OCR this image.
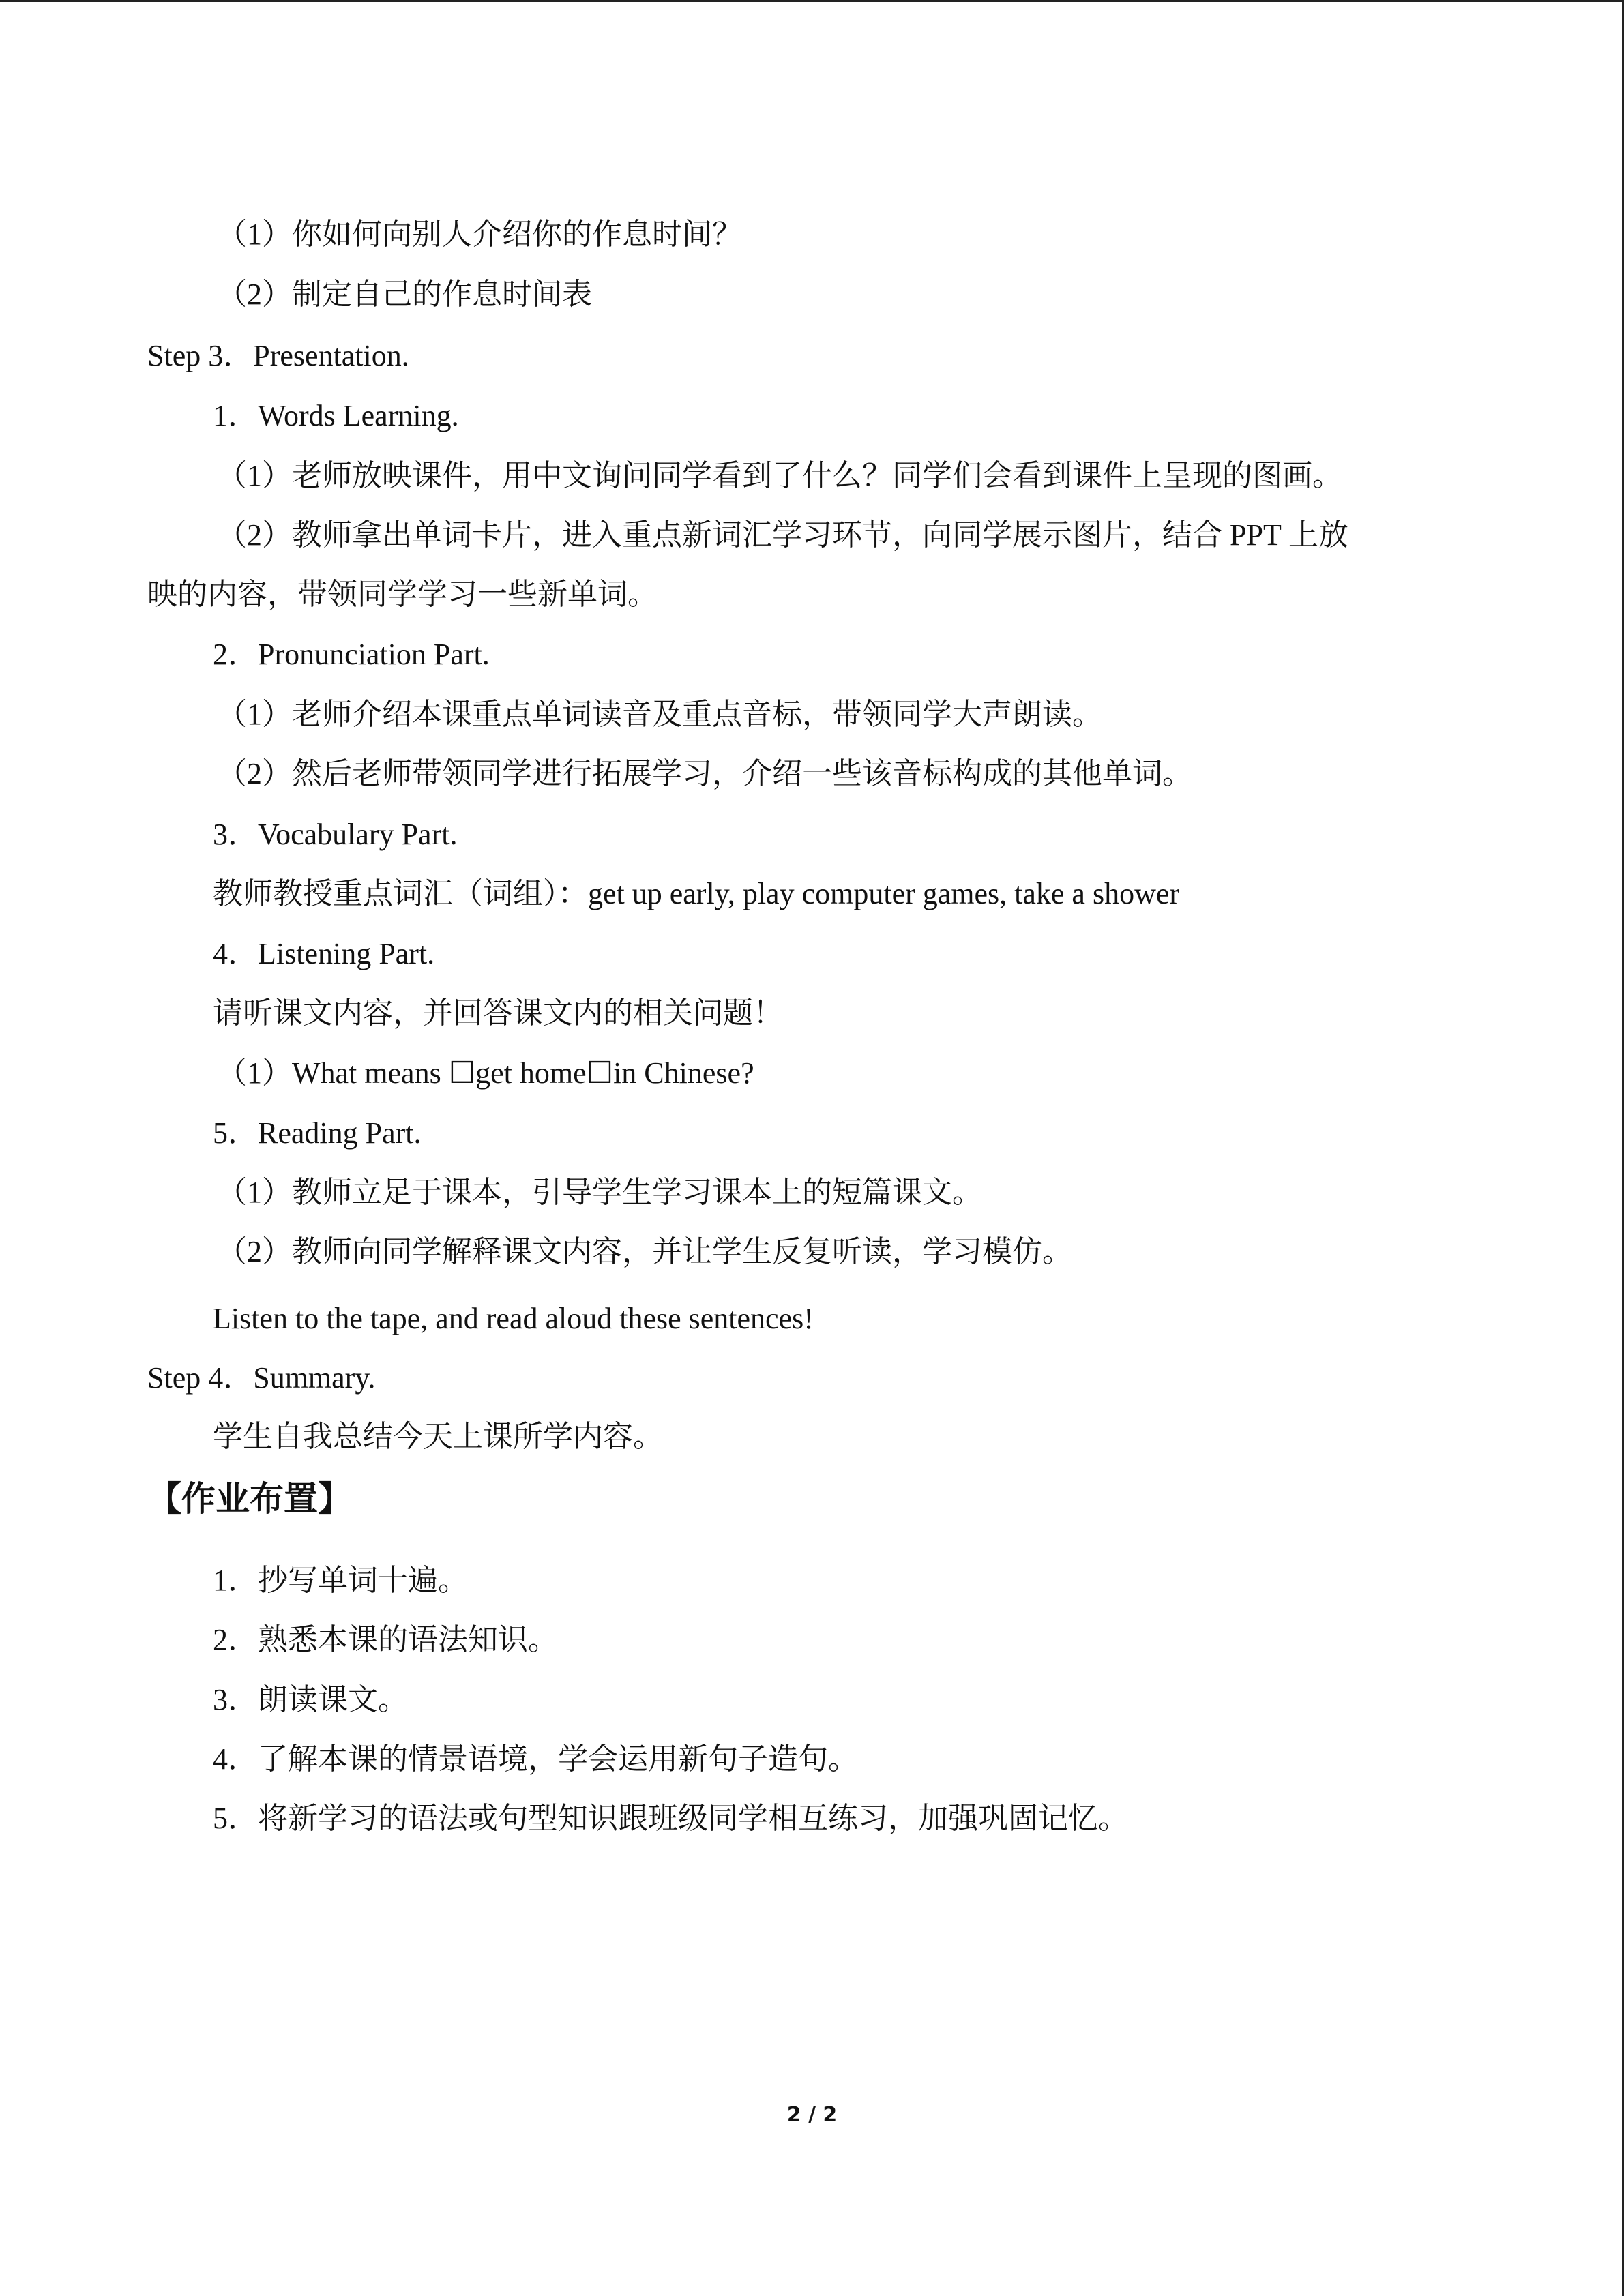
（1）你如何向别人介绍你的作息时间？
（2）制定自己的作息时间表
Step 3．Presentation.
1．Words Learning.
（1）老师放映课件，用中文询问同学看到了什么？同学们会看到课件上呈现的图画。
（2）教师拿出单词卡片，进入重点新词汇学习环节，向同学展示图片，结合 PPT 上放
映的内容，带领同学学习一些新单词。
2．Pronunciation Part.
（1）老师介绍本课重点单词读音及重点音标，带领同学大声朗读。
（2）然后老师带领同学进行拓展学习，介绍一些该音标构成的其他单词。
3．Vocabulary Part.
教师教授重点词汇（词组）：get up early, play computer games, take a shower
4．Listening Part.
请听课文内容，并回答课文内的相关问题！
（1）What means ☐get home☐in Chinese?
5．Reading Part.
（1）教师立足于课本，引导学生学习课本上的短篇课文。
（2）教师向同学解释课文内容，并让学生反复听读，学习模仿。
Listen to the tape, and read aloud these sentences!
Step 4．Summary.
学生自我总结今天上课所学内容。
【作业布置】
1．抄写单词十遍。
2．熟悉本课的语法知识。
3．朗读课文。
4．了解本课的情景语境，学会运用新句子造句。
5．将新学习的语法或句型知识跟班级同学相互练习，加强巩固记忆。
2 / 2
